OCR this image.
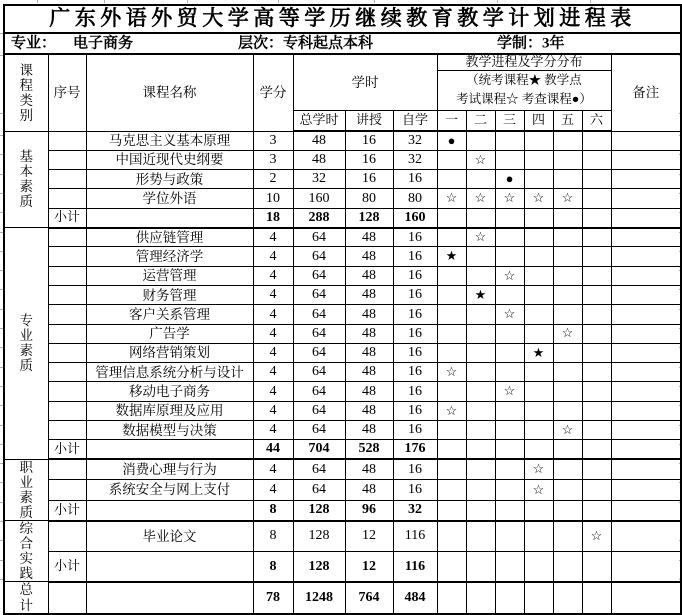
广东外语外贸大学高等学历继续教育教学计划进程表													

专业： 电子商务 层次：专科起点本科 学制：3年													

课程类别	序号	课程名称	学分	学时			教学进程及学分分布						备注

							（统考课程★ 教学点
考试课程☆ 考查课程●）						

				总学时	讲授	自学	一	二	三	四	五	六	
基本素质		马克思主义基本原理	3	48	16	32	●						
		中国近现代史纲要	3	48	16	32		☆					
		形势与政策	2	32	16	16			●				
		学位外语	10	160	80	80	☆	☆	☆	☆	☆		
	小计		18	288	128	160							
专业素质		供应链管理	4	64	48	16		☆					
		管理经济学	4	64	48	16	★						
		运营管理	4	64	48	16			☆				
		财务管理	4	64	48	16		★					
		客户关系管理	4	64	48	16			☆				
		广告学	4	64	48	16					☆		
		网络营销策划	4	64	48	16				★			
		管理信息系统分析与设计	4	64	48	16	☆						
		移动电子商务	4	64	48	16			☆				
		数据库原理及应用	4	64	48	16	☆						
		数据模型与决策	4	64	48	16					☆		
	小计		44	704	528	176							
职业素质		消费心理与行为	4	64	48	16				☆			
		系统安全与网上支付	4	64	48	16				☆			
	小计		8	128	96	32							
综合实践		毕业论文	8	128	12	116						☆	
	小计		8	128	12	116							
总计			78	1248	764	484							
